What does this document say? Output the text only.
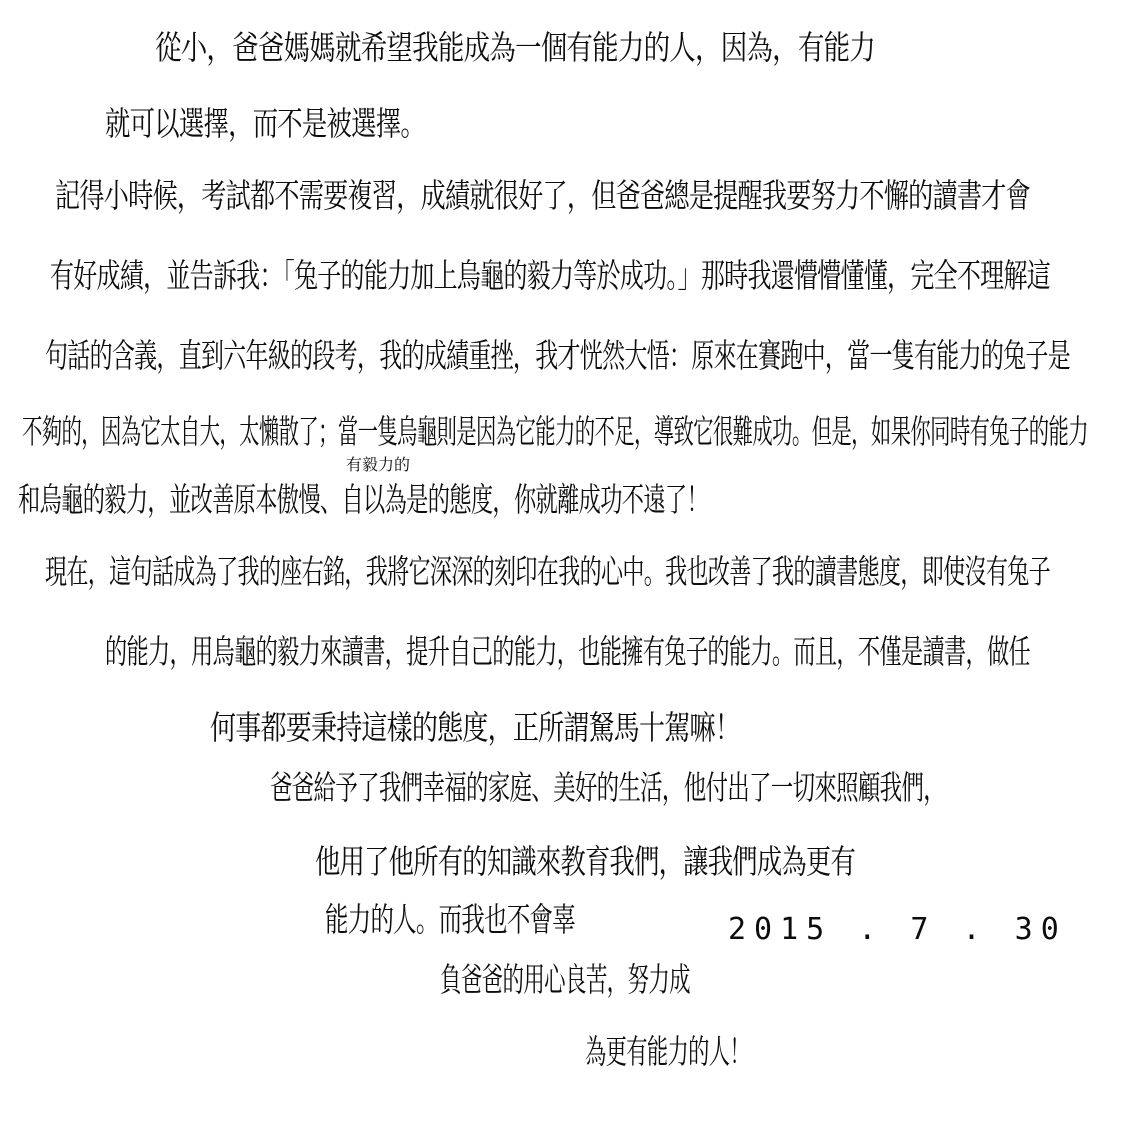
從小，爸爸媽媽就希望我能成為一個有能力的人，因為，有能力
就可以選擇，而不是被選擇。
記得小時候，考試都不需要複習，成績就很好了，但爸爸總是提醒我要努力不懈的讀書才會
有好成績，並告訴我：「兔子的能力加上烏龜的毅力等於成功。」那時我還懵懵懂懂，完全不理解這
句話的含義，直到六年級的段考，我的成績重挫，我才恍然大悟：原來在賽跑中，當一隻有能力的兔子是
不夠的，因為它太自大，太懶散了；當一隻烏龜則是因為它能力的不足，導致它很難成功。但是，如果你同時有兔子的能力
有毅力的
和烏龜的毅力，並改善原本傲慢、自以為是的態度，你就離成功不遠了！
現在，這句話成為了我的座右銘，我將它深深的刻印在我的心中。我也改善了我的讀書態度，即使沒有兔子
的能力，用烏龜的毅力來讀書，提升自己的能力，也能擁有兔子的能力。而且，不僅是讀書，做任
何事都要秉持這樣的態度，正所謂駑馬十駕嘛！
爸爸給予了我們幸福的家庭、美好的生活，他付出了一切來照顧我們，
他用了他所有的知識來教育我們，讓我們成為更有
能力的人。而我也不會辜	2015 . 7 . 30
負爸爸的用心良苦，努力成
為更有能力的人！
